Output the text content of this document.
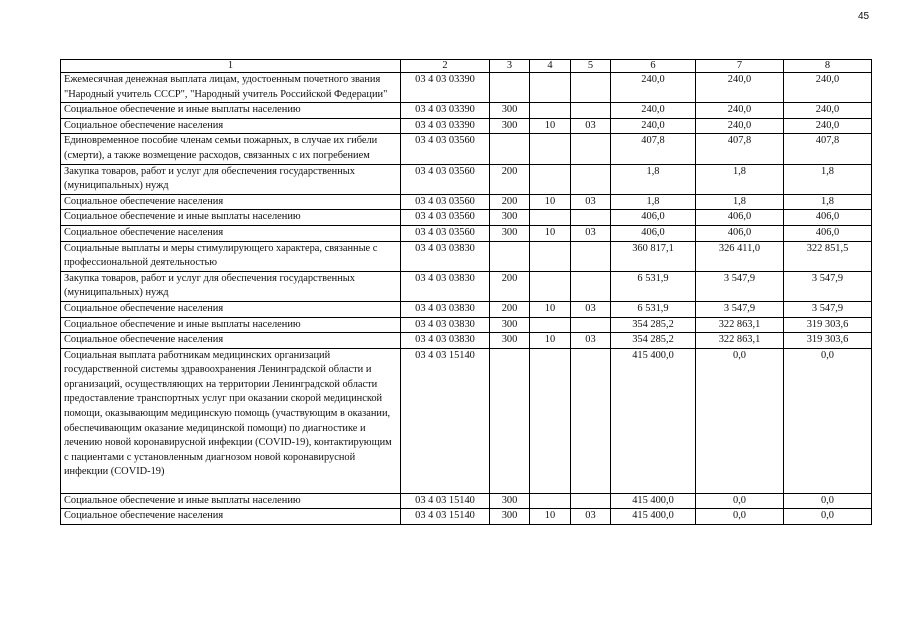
45
1	2	3	4	5	6	7	8
Ежемесячная денежная выплата лицам, удостоенным почетного звания "Народный учитель СССР", "Народный учитель Российской Федерации"	03 4 03 03390				240,0	240,0	240,0
Социальное обеспечение и иные выплаты населению	03 4 03 03390	300			240,0	240,0	240,0
Социальное обеспечение населения	03 4 03 03390	300	10	03	240,0	240,0	240,0
Единовременное пособие членам семьи пожарных, в случае их гибели (смерти), а также возмещение расходов, связанных с их погребением	03 4 03 03560				407,8	407,8	407,8
Закупка товаров, работ и услуг для обеспечения государственных (муниципальных) нужд	03 4 03 03560	200			1,8	1,8	1,8
Социальное обеспечение населения	03 4 03 03560	200	10	03	1,8	1,8	1,8
Социальное обеспечение и иные выплаты населению	03 4 03 03560	300			406,0	406,0	406,0
Социальное обеспечение населения	03 4 03 03560	300	10	03	406,0	406,0	406,0
Социальные выплаты и меры стимулирующего характера, связанные с профессиональной деятельностью	03 4 03 03830				360 817,1	326 411,0	322 851,5
Закупка товаров, работ и услуг для обеспечения государственных (муниципальных) нужд	03 4 03 03830	200			6 531,9	3 547,9	3 547,9
Социальное обеспечение населения	03 4 03 03830	200	10	03	6 531,9	3 547,9	3 547,9
Социальное обеспечение и иные выплаты населению	03 4 03 03830	300			354 285,2	322 863,1	319 303,6
Социальное обеспечение населения	03 4 03 03830	300	10	03	354 285,2	322 863,1	319 303,6
Социальная выплата работникам медицинских организаций государственной системы здравоохранения Ленинградской области и организаций, осуществляющих на территории Ленинградской области предоставление транспортных услуг при оказании скорой медицинской помощи, оказывающим медицинскую помощь (участвующим в оказании, обеспечивающим оказание медицинской помощи) по диагностике и лечению новой коронавирусной инфекции (COVID-19), контактирующим с пациентами с установленным диагнозом новой коронавирусной инфекции (COVID-19)	03 4 03 15140				415 400,0	0,0	0,0
Социальное обеспечение и иные выплаты населению	03 4 03 15140	300			415 400,0	0,0	0,0
Социальное обеспечение населения	03 4 03 15140	300	10	03	415 400,0	0,0	0,0
